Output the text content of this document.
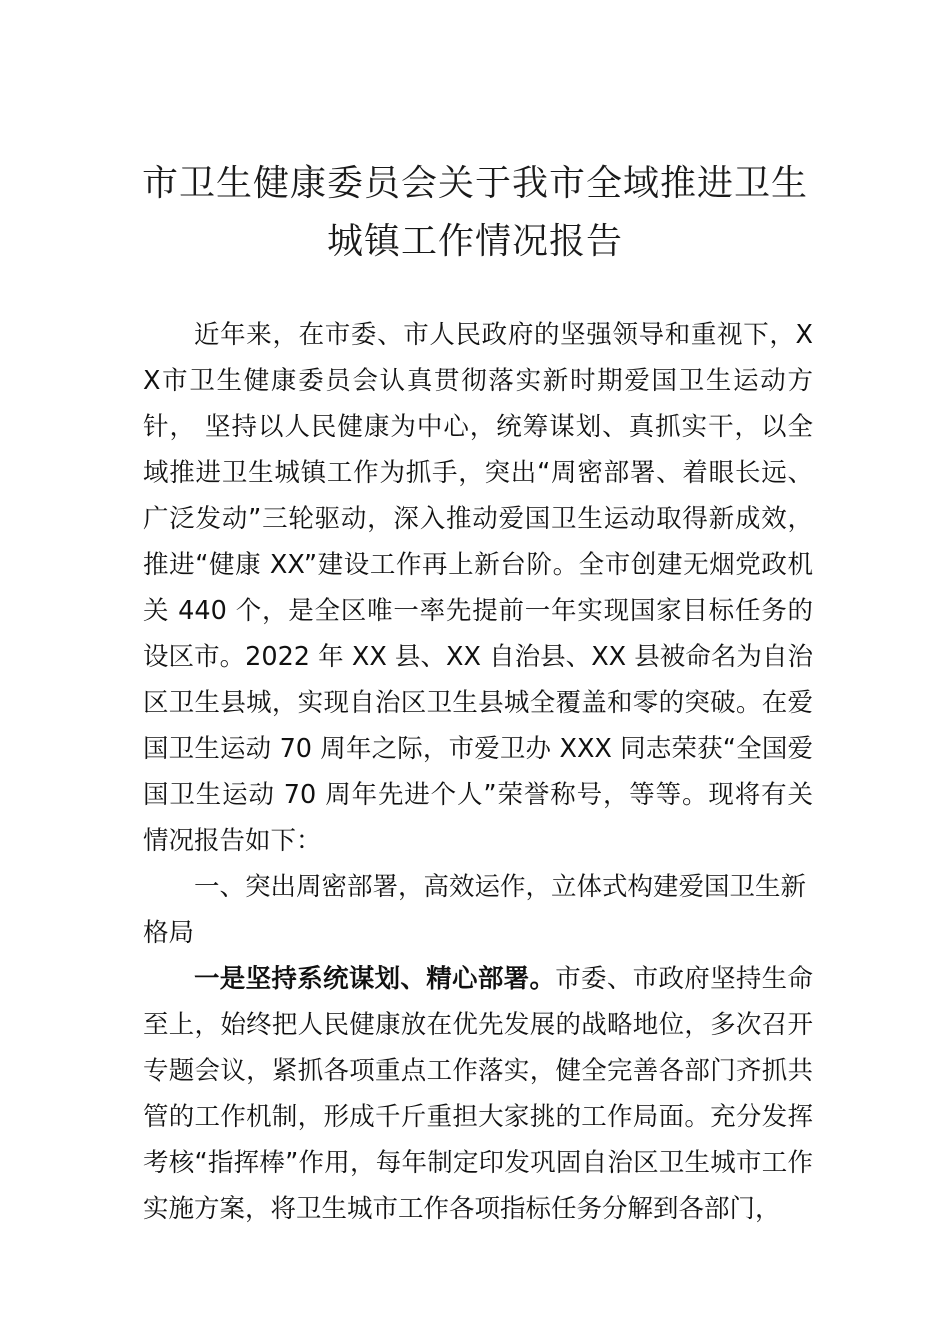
市卫生健康委员会关于我市全域推进卫生
城镇工作情况报告

近年来，在市委、市人民政府的坚强领导和重视下，XX市卫生健康委员会认真贯彻落实新时期爱国卫生运动方针， 坚持以人民健康为中心，统筹谋划、真抓实干，以全域推进卫生城镇工作为抓手，突出“周密部署、着眼长远、广泛发动”三轮驱动，深入推动爱国卫生运动取得新成效，推进“健康 XX”建设工作再上新台阶。全市创建无烟党政机关 440 个，是全区唯一率先提前一年实现国家目标任务的设区市。2022 年 XX 县、XX 自治县、XX 县被命名为自治区卫生县城，实现自治区卫生县城全覆盖和零的突破。在爱国卫生运动 70 周年之际，市爱卫办 XXX 同志荣获“全国爱国卫生运动 70 周年先进个人”荣誉称号，等等。现将有关情况报告如下：

一、突出周密部署，高效运作，立体式构建爱国卫生新格局

一是坚持系统谋划、精心部署。市委、市政府坚持生命至上，始终把人民健康放在优先发展的战略地位，多次召开专题会议，紧抓各项重点工作落实，健全完善各部门齐抓共管的工作机制，形成千斤重担大家挑的工作局面。充分发挥考核“指挥棒”作用，每年制定印发巩固自治区卫生城市工作实施方案，将卫生城市工作各项指标任务分解到各部门，
